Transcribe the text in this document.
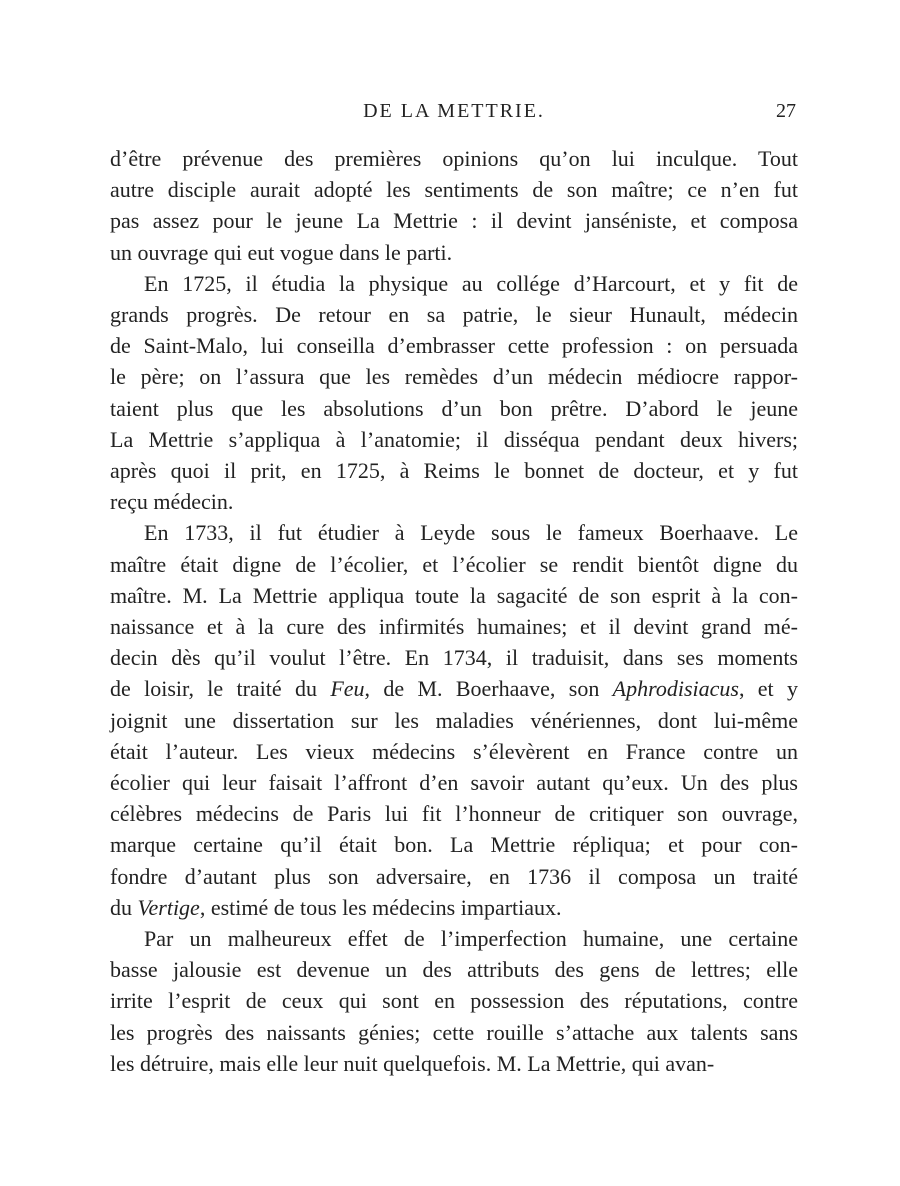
DE LA METTRIE.	27
d’être prévenue des premières opinions qu’on lui inculque. Tout
autre disciple aurait adopté les sentiments de son maître; ce n’en fut
pas assez pour le jeune La Mettrie : il devint janséniste, et composa
un ouvrage qui eut vogue dans le parti.
En 1725, il étudia la physique au collége d’Harcourt, et y fit de
grands progrès. De retour en sa patrie, le sieur Hunault, médecin
de Saint-Malo, lui conseilla d’embrasser cette profession : on persuada
le père; on l’assura que les remèdes d’un médecin médiocre rappor-
taient plus que les absolutions d’un bon prêtre. D’abord le jeune
La Mettrie s’appliqua à l’anatomie; il disséqua pendant deux hivers;
après quoi il prit, en 1725, à Reims le bonnet de docteur, et y fut
reçu médecin.
En 1733, il fut étudier à Leyde sous le fameux Boerhaave. Le
maître était digne de l’écolier, et l’écolier se rendit bientôt digne du
maître. M. La Mettrie appliqua toute la sagacité de son esprit à la con-
naissance et à la cure des infirmités humaines; et il devint grand mé-
decin dès qu’il voulut l’être. En 1734, il traduisit, dans ses moments
de loisir, le traité du Feu, de M. Boerhaave, son Aphrodisiacus, et y
joignit une dissertation sur les maladies vénériennes, dont lui-même
était l’auteur. Les vieux médecins s’élevèrent en France contre un
écolier qui leur faisait l’affront d’en savoir autant qu’eux. Un des plus
célèbres médecins de Paris lui fit l’honneur de critiquer son ouvrage,
marque certaine qu’il était bon. La Mettrie répliqua; et pour con-
fondre d’autant plus son adversaire, en 1736 il composa un traité
du Vertige, estimé de tous les médecins impartiaux.
Par un malheureux effet de l’imperfection humaine, une certaine
basse jalousie est devenue un des attributs des gens de lettres; elle
irrite l’esprit de ceux qui sont en possession des réputations, contre
les progrès des naissants génies; cette rouille s’attache aux talents sans
les détruire, mais elle leur nuit quelquefois. M. La Mettrie, qui avan-
